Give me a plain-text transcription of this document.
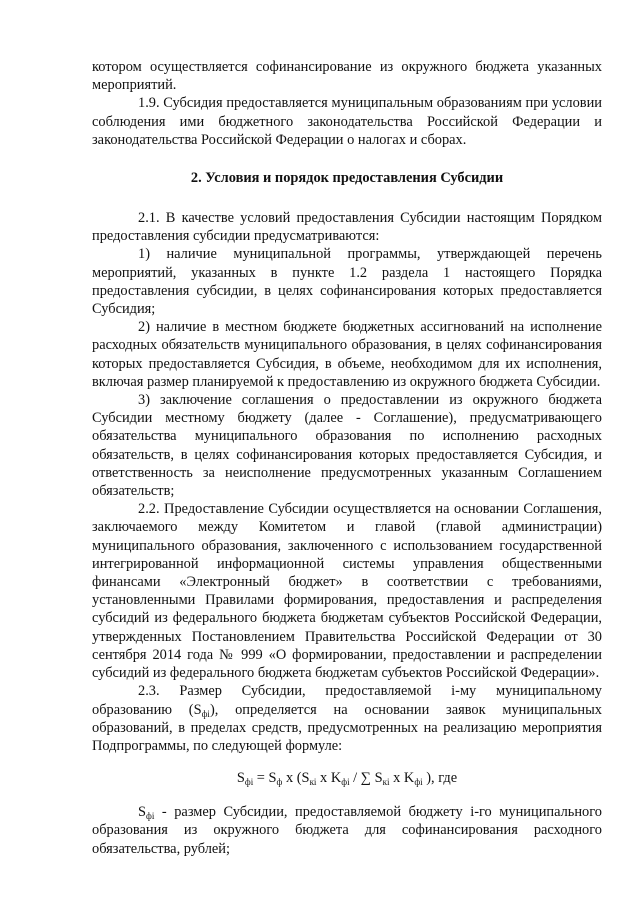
котором осуществляется софинансирование из окружного бюджета указанных мероприятий.

1.9. Субсидия предоставляется муниципальным образованиям при условии соблюдения ими бюджетного законодательства Российской Федерации и законодательства Российской Федерации о налогах и сборах.

2. Условия и порядок предоставления Субсидии

2.1. В качестве условий предоставления Субсидии настоящим Порядком предоставления субсидии предусматриваются:

1) наличие муниципальной программы, утверждающей перечень мероприятий, указанных в пункте 1.2 раздела 1 настоящего Порядка предоставления субсидии, в целях софинансирования которых предоставляется Субсидия;

2) наличие в местном бюджете бюджетных ассигнований на исполнение расходных обязательств муниципального образования, в целях софинансирования которых предоставляется Субсидия, в объеме, необходимом для их исполнения, включая размер планируемой к предоставлению из окружного бюджета Субсидии.

3) заключение соглашения о предоставлении из окружного бюджета Субсидии местному бюджету (далее - Соглашение), предусматривающего обязательства муниципального образования по исполнению расходных обязательств, в целях софинансирования которых предоставляется Субсидия, и ответственность за неисполнение предусмотренных указанным Соглашением обязательств;

2.2. Предоставление Субсидии осуществляется на основании Соглашения, заключаемого между Комитетом и главой (главой администрации) муниципального образования, заключенного с использованием государственной интегрированной информационной системы управления общественными финансами «Электронный бюджет» в соответствии с требованиями, установленными Правилами формирования, предоставления и распределения субсидий из федерального бюджета бюджетам субъектов Российской Федерации, утвержденных Постановлением Правительства Российской Федерации от 30 сентября 2014 года № 999 «О формировании, предоставлении и распределении субсидий из федерального бюджета бюджетам субъектов Российской Федерации».

2.3. Размер Субсидии, предоставляемой i-му муниципальному образованию $(S_{фi})$, определяется на основании заявок муниципальных образований, в пределах средств, предусмотренных на реализацию мероприятия Подпрограммы, по следующей формуле:

$S_{фi} = S_ф$ x ($S_{кi}$ x $K_{фi}$ / ∑ $S_{кi}$ x $K_{фi}$ ), где

$S_{фi}$ - размер Субсидии, предоставляемой бюджету i-го муниципального образования из окружного бюджета для софинансирования расходного обязательства, рублей;
